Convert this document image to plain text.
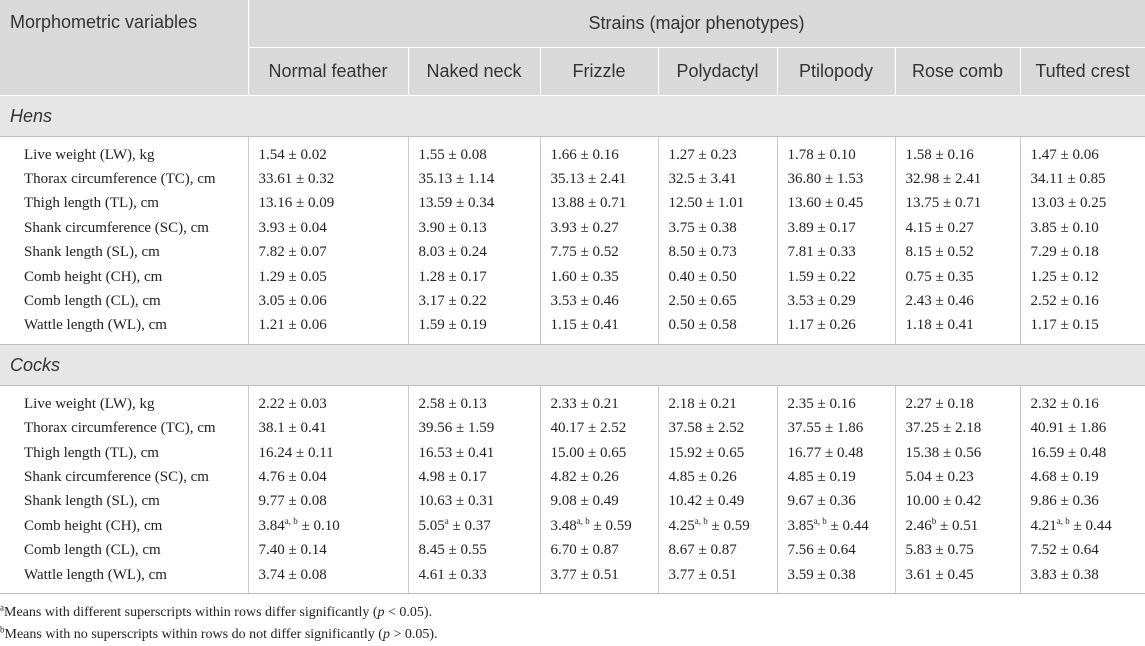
Morphometric variables	Strains (major phenotypes)						
	Normal feather	Naked neck	Frizzle	Polydactyl	Ptilopody	Rose comb	Tufted crest
Hens							
Live weight (LW), kg	1.54 ± 0.02	1.55 ± 0.08	1.66 ± 0.16	1.27 ± 0.23	1.78 ± 0.10	1.58 ± 0.16	1.47 ± 0.06
Thorax circumference (TC), cm	33.61 ± 0.32	35.13 ± 1.14	35.13 ± 2.41	32.5 ± 3.41	36.80 ± 1.53	32.98 ± 2.41	34.11 ± 0.85
Thigh length (TL), cm	13.16 ± 0.09	13.59 ± 0.34	13.88 ± 0.71	12.50 ± 1.01	13.60 ± 0.45	13.75 ± 0.71	13.03 ± 0.25
Shank circumference (SC), cm	3.93 ± 0.04	3.90 ± 0.13	3.93 ± 0.27	3.75 ± 0.38	3.89 ± 0.17	4.15 ± 0.27	3.85 ± 0.10
Shank length (SL), cm	7.82 ± 0.07	8.03 ± 0.24	7.75 ± 0.52	8.50 ± 0.73	7.81 ± 0.33	8.15 ± 0.52	7.29 ± 0.18
Comb height (CH), cm	1.29 ± 0.05	1.28 ± 0.17	1.60 ± 0.35	0.40 ± 0.50	1.59 ± 0.22	0.75 ± 0.35	1.25 ± 0.12
Comb length (CL), cm	3.05 ± 0.06	3.17 ± 0.22	3.53 ± 0.46	2.50 ± 0.65	3.53 ± 0.29	2.43 ± 0.46	2.52 ± 0.16
Wattle length (WL), cm	1.21 ± 0.06	1.59 ± 0.19	1.15 ± 0.41	0.50 ± 0.58	1.17 ± 0.26	1.18 ± 0.41	1.17 ± 0.15
Cocks							
Live weight (LW), kg	2.22 ± 0.03	2.58 ± 0.13	2.33 ± 0.21	2.18 ± 0.21	2.35 ± 0.16	2.27 ± 0.18	2.32 ± 0.16
Thorax circumference (TC), cm	38.1 ± 0.41	39.56 ± 1.59	40.17 ± 2.52	37.58 ± 2.52	37.55 ± 1.86	37.25 ± 2.18	40.91 ± 1.86
Thigh length (TL), cm	16.24 ± 0.11	16.53 ± 0.41	15.00 ± 0.65	15.92 ± 0.65	16.77 ± 0.48	15.38 ± 0.56	16.59 ± 0.48
Shank circumference (SC), cm	4.76 ± 0.04	4.98 ± 0.17	4.82 ± 0.26	4.85 ± 0.26	4.85 ± 0.19	5.04 ± 0.23	4.68 ± 0.19
Shank length (SL), cm	9.77 ± 0.08	10.63 ± 0.31	9.08 ± 0.49	10.42 ± 0.49	9.67 ± 0.36	10.00 ± 0.42	9.86 ± 0.36
Comb height (CH), cm	$3.84^{a, b} \pm 0.10$	5.05$^a$ ± 0.37	$3.48^{a, b} \pm 0.59$	$4.25^{a, b} \pm 0.59$	$3.85^{a, b} \pm 0.44$	2.46$^b$ ± 0.51	$4.21^{a, b} \pm 0.44$
Comb length (CL), cm	7.40 ± 0.14	8.45 ± 0.55	6.70 ± 0.87	8.67 ± 0.87	7.56 ± 0.64	5.83 ± 0.75	7.52 ± 0.64
Wattle length (WL), cm	3.74 ± 0.08	4.61 ± 0.33	3.77 ± 0.51	3.77 ± 0.51	3.59 ± 0.38	3.61 ± 0.45	3.83 ± 0.38
$^a$Means with different superscripts within rows differ significantly (p < 0.05).
$^b$Means with no superscripts within rows do not differ significantly (p > 0.05).
